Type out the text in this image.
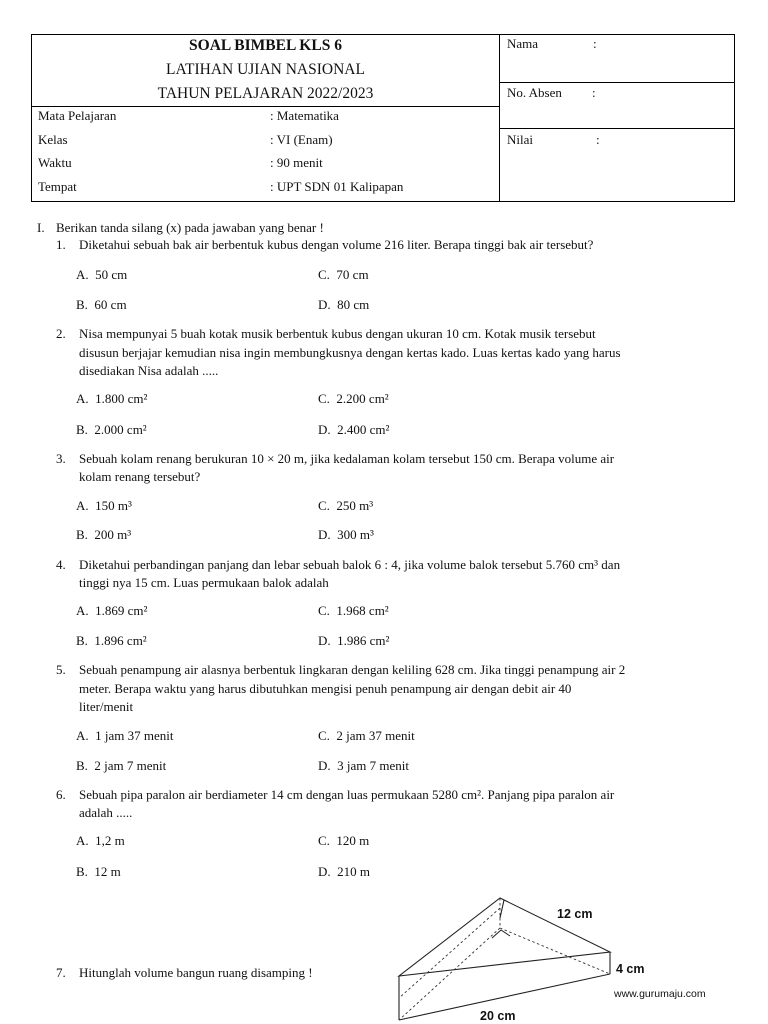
SOAL BIMBEL KLS 6
LATIHAN UJIAN NASIONAL
TAHUN PELAJARAN 2022/2023
Mata Pelajaran	: Matematika
Kelas	: VI (Enam)
Waktu	: 90 menit
Tempat	: UPT SDN 01 Kalipapan
Nama	:
No. Absen :
Nilai	:
I. Berikan tanda silang (x) pada jawaban yang benar !
1. Diketahui sebuah bak air berbentuk kubus dengan volume 216 liter. Berapa tinggi bak air tersebut?
A.  50 cm	C.  70 cm
B.  60 cm	D.  80 cm
2. Nisa mempunyai 5 buah kotak musik berbentuk kubus dengan ukuran 10 cm. Kotak musik tersebut
disusun berjajar kemudian nisa ingin membungkusnya dengan kertas kado. Luas kertas kado yang harus
disediakan Nisa adalah .....
A.  1.800 cm²	C.  2.200 cm²
B.  2.000 cm²	D.  2.400 cm²
3. Sebuah kolam renang berukuran 10 × 20 m, jika kedalaman kolam tersebut 150 cm. Berapa volume air
kolam renang tersebut?
A.  150 m³	C.  250 m³
B.  200 m³	D.  300 m³
4. Diketahui perbandingan panjang dan lebar sebuah balok 6 : 4, jika volume balok tersebut 5.760 cm³ dan
tinggi nya 15 cm. Luas permukaan balok adalah
A.  1.869 cm²	C.  1.968 cm²
B.  1.896 cm²	D.  1.986 cm²
5. Sebuah penampung air alasnya berbentuk lingkaran dengan keliling 628 cm. Jika tinggi penampung air 2
meter. Berapa waktu yang harus dibutuhkan mengisi penuh penampung air dengan debit air 40
liter/menit
A.  1 jam 37 menit	C.  2 jam 37 menit
B.  2 jam 7 menit	D.  3 jam 7 menit
6. Sebuah pipa paralon air berdiameter 14 cm dengan luas permukaan 5280 cm². Panjang pipa paralon air
adalah .....
A.  1,2 m	C.  120 m
B.  12 m	D.  210 m
7. Hitunglah volume bangun ruang disamping !
12 cm
4 cm
20 cm
www.gurumaju.com
